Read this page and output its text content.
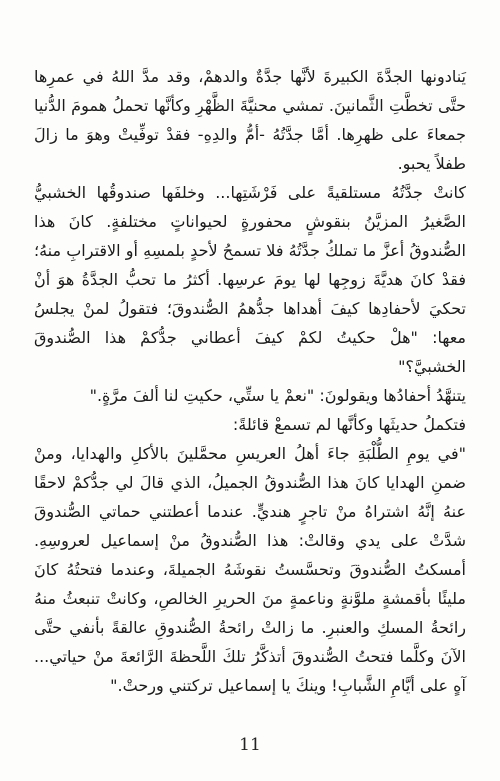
يَنادونها الجدَّةَ الكبيرةَ لأنَّها جدَّةٌ والدهمْ، وقد مدَّ اللهُ في عمرِها حتَّى تخطَّتِ الثَّمانينَ. تمشي محنيَّةَ الظَّهْرِ وكأنَّها تحملُ همومَ الدُّنيا جمعاءَ على ظهرِها. أمَّا جدَّتُهُ -أمُّ والدِهِ- فقدْ توفِّيتْ وهوَ ما زالَ طفلاً يحبو.

كانتْ جدَّتُهُ مستلقيةً على فَرْشَتِها... وخلفَها صندوقُها الخشبيُّ الصَّغيرُ المزيَّنُ بنقوشٍ محفورةٍ لحيواناتٍ مختلفةٍ. كانَ هذا الصُّندوقُ أعزَّ ما تملكُ جدَّتُهُ فلا تسمحُ لأحدٍ بلمسِهِ أو الاقترابِ منهُ؛ فقدْ كانَ هديَّةَ زوجِها لها يومَ عرسِها. أكثرُ ما تحبُّ الجدَّةُ هوَ أنْ تحكيَ لأحفادِها كيفَ أهداها جدُّهمُ الصُّندوقَ؛ فتقولُ لمنْ يجلسُ معها: "هلْ حكيتُ لكمْ كيفَ أعطاني جدُّكمْ هذا الصُّندوقَ الخشبيَّ؟"

يتنهَّدُ أحفادُها ويقولونَ: "نعمْ يا ستِّي، حكيتِ لنا ألفَ مرَّةٍ."

فتكملُ حديثَها وكأنَّها لم تسمعْ قائلةً:

"في يومِ الطُّلْبَةِ جاءَ أهلُ العريسِ محمَّلينَ بالأكلِ والهدايا، ومنْ ضمنِ الهدايا كانَ هذا الصُّندوقُ الجميلُ، الذي قالَ لي جدُّكمْ لاحقًا عنهُ إنَّهُ اشتراهُ منْ تاجرٍ هنديٍّ. عندما أعطتني حماتي الصُّندوقَ شدَّتْ على يدي وقالتْ: هذا الصُّندوقُ منْ إسماعيل لعروسِهِ. أمسكتُ الصُّندوقَ وتحسَّستُ نقوشَهُ الجميلةَ، وعندما فتحتُهُ كانَ مليئًا بأقمشةٍ ملوَّنةٍ وناعمةٍ منَ الحريرِ الخالصِ، وكانتْ تنبعثُ منهُ رائحةُ المسكِ والعنبرِ. ما زالتْ رائحةُ الصُّندوقِ عالقةً بأنفي حتَّى الآنَ وكلَّما فتحتُ الصُّندوقَ أتذكَّرُ تلكَ اللَّحظةَ الرَّائعةَ منْ حياتي... آهٍ على أيَّامِ الشَّبابِ! وينكَ يا إسماعيل تركتني ورحتْ."

11
